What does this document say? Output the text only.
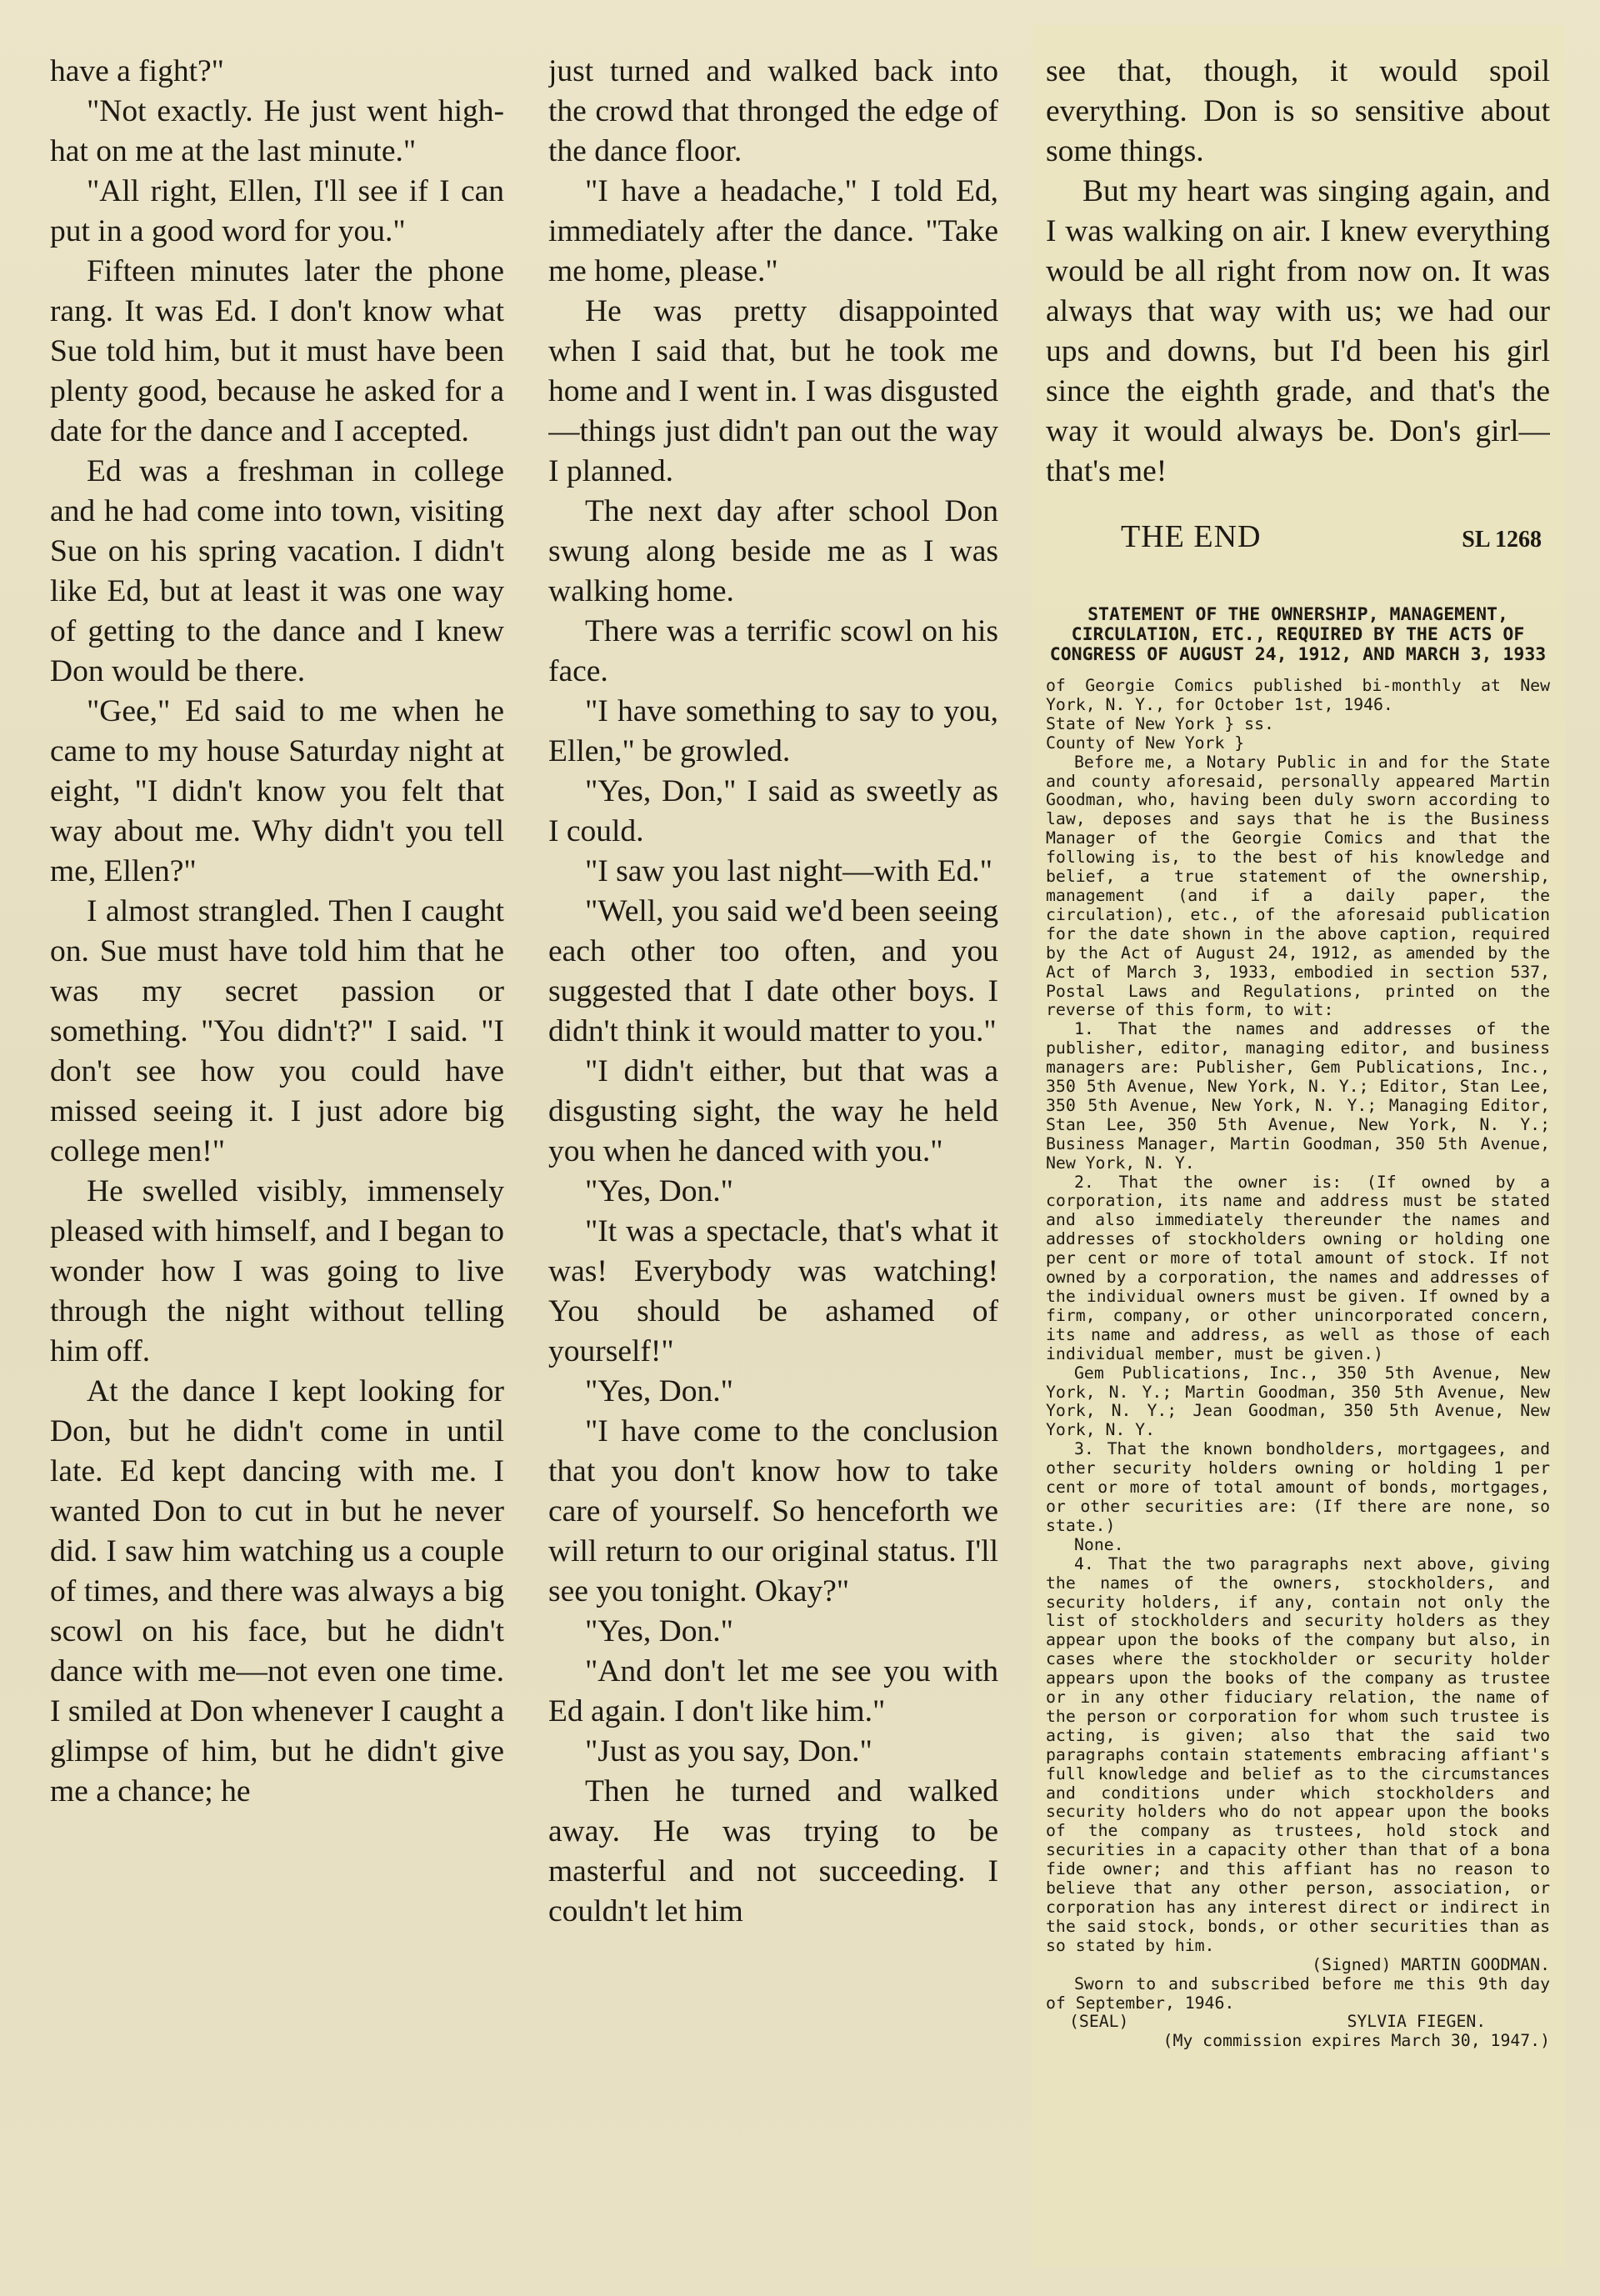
have a fight?"

"Not exactly. He just went high-hat on me at the last minute."

"All right, Ellen, I'll see if I can put in a good word for you."

Fifteen minutes later the phone rang. It was Ed. I don't know what Sue told him, but it must have been plenty good, because he asked for a date for the dance and I accepted.

Ed was a freshman in college and he had come into town, visiting Sue on his spring vacation. I didn't like Ed, but at least it was one way of getting to the dance and I knew Don would be there.

"Gee," Ed said to me when he came to my house Saturday night at eight, "I didn't know you felt that way about me. Why didn't you tell me, Ellen?"

I almost strangled. Then I caught on. Sue must have told him that he was my secret passion or something. "You didn't?" I said. "I don't see how you could have missed seeing it. I just adore big college men!"

He swelled visibly, immensely pleased with himself, and I began to wonder how I was going to live through the night without telling him off.

At the dance I kept looking for Don, but he didn't come in until late. Ed kept dancing with me. I wanted Don to cut in but he never did. I saw him watching us a couple of times, and there was always a big scowl on his face, but he didn't dance with me—not even one time. I smiled at Don whenever I caught a glimpse of him, but he didn't give me a chance; he

just turned and walked back into the crowd that thronged the edge of the dance floor.

"I have a headache," I told Ed, immediately after the dance. "Take me home, please."

He was pretty disappointed when I said that, but he took me home and I went in. I was disgusted—things just didn't pan out the way I planned.

The next day after school Don swung along beside me as I was walking home.

There was a terrific scowl on his face.

"I have something to say to you, Ellen," be growled.

"Yes, Don," I said as sweetly as I could.

"I saw you last night—with Ed."

"Well, you said we'd been seeing each other too often, and you suggested that I date other boys. I didn't think it would matter to you."

"I didn't either, but that was a disgusting sight, the way he held you when he danced with you."

"Yes, Don."

"It was a spectacle, that's what it was! Everybody was watching! You should be ashamed of yourself!"

"Yes, Don."

"I have come to the conclusion that you don't know how to take care of yourself. So henceforth we will return to our original status. I'll see you tonight. Okay?"

"Yes, Don."

"And don't let me see you with Ed again. I don't like him."

"Just as you say, Don."

Then he turned and walked away. He was trying to be masterful and not succeeding. I couldn't let him

see that, though, it would spoil everything. Don is so sensitive about some things.

But my heart was singing again, and I was walking on air. I knew everything would be all right from now on. It was always that way with us; we had our ups and downs, but I'd been his girl since the eighth grade, and that's the way it would always be. Don's girl—that's me!

THE END	SL 1268
STATEMENT OF THE OWNERSHIP, MANAGEMENT, CIRCULATION, ETC., REQUIRED BY THE ACTS OF CONGRESS OF AUGUST 24, 1912, AND MARCH 3, 1933

of Georgie Comics published bi-monthly at New York, N. Y., for October 1st, 1946.

State of New York } ss.

County of New York }

Before me, a Notary Public in and for the State and county aforesaid, personally appeared Martin Goodman, who, having been duly sworn according to law, deposes and says that he is the Business Manager of the Georgie Comics and that the following is, to the best of his knowledge and belief, a true statement of the ownership, management (and if a daily paper, the circulation), etc., of the aforesaid publication for the date shown in the above caption, required by the Act of August 24, 1912, as amended by the Act of March 3, 1933, embodied in section 537, Postal Laws and Regulations, printed on the reverse of this form, to wit:

1. That the names and addresses of the publisher, editor, managing editor, and business managers are: Publisher, Gem Publications, Inc., 350 5th Avenue, New York, N. Y.; Editor, Stan Lee, 350 5th Avenue, New York, N. Y.; Managing Editor, Stan Lee, 350 5th Avenue, New York, N. Y.; Business Manager, Martin Goodman, 350 5th Avenue, New York, N. Y.

2. That the owner is: (If owned by a corporation, its name and address must be stated and also immediately thereunder the names and addresses of stockholders owning or holding one per cent or more of total amount of stock. If not owned by a corporation, the names and addresses of the individual owners must be given. If owned by a firm, company, or other unincorporated concern, its name and address, as well as those of each individual member, must be given.)

Gem Publications, Inc., 350 5th Avenue, New York, N. Y.; Martin Goodman, 350 5th Avenue, New York, N. Y.; Jean Goodman, 350 5th Avenue, New York, N. Y.

3. That the known bondholders, mortgagees, and other security holders owning or holding 1 per cent or more of total amount of bonds, mortgages, or other securities are: (If there are none, so state.)

None.

4. That the two paragraphs next above, giving the names of the owners, stockholders, and security holders, if any, contain not only the list of stockholders and security holders as they appear upon the books of the company but also, in cases where the stockholder or security holder appears upon the books of the company as trustee or in any other fiduciary relation, the name of the person or corporation for whom such trustee is acting, is given; also that the said two paragraphs contain statements embracing affiant's full knowledge and belief as to the circumstances and conditions under which stockholders and security holders who do not appear upon the books of the company as trustees, hold stock and securities in a capacity other than that of a bona fide owner; and this affiant has no reason to believe that any other person, association, or corporation has any interest direct or indirect in the said stock, bonds, or other securities than as so stated by him.

(Signed) MARTIN GOODMAN.

Sworn to and subscribed before me this 9th day of September, 1946.

(SEAL)                      SYLVIA FIEGEN.

(My commission expires March 30, 1947.)
